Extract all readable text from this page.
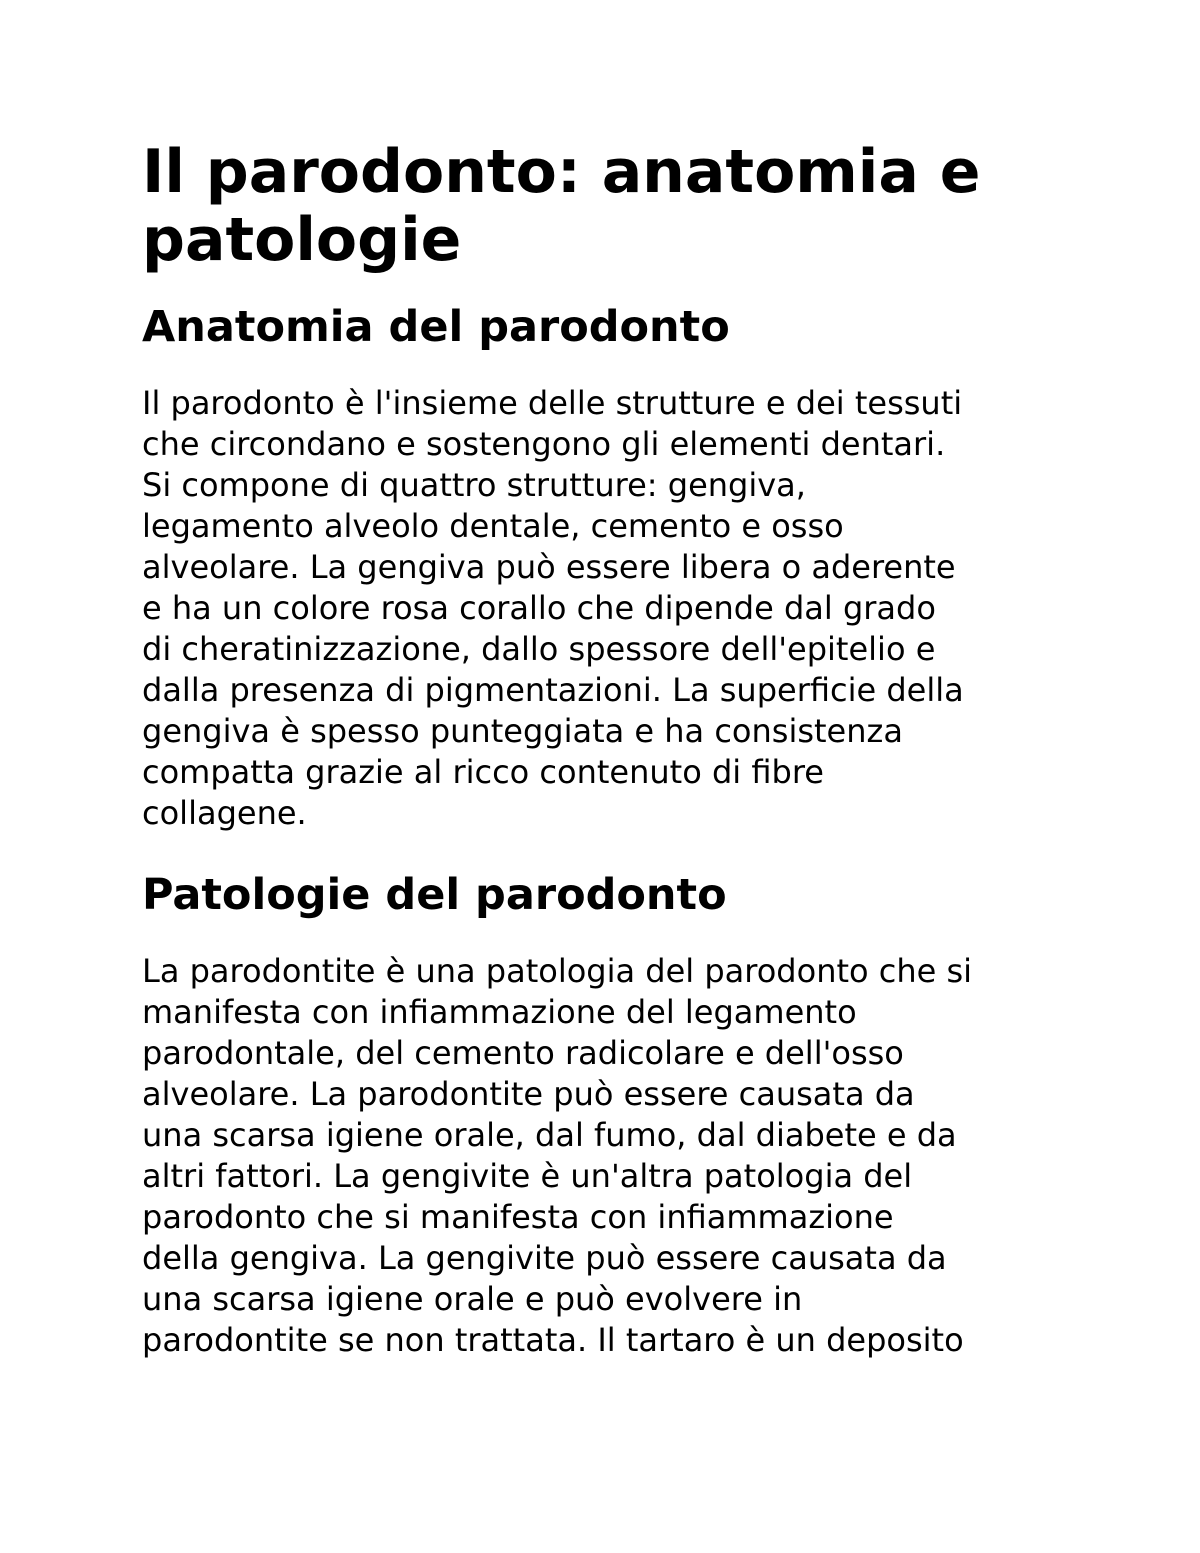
Il parodonto: anatomia e
patologie
Anatomia del parodonto

Il parodonto è l'insieme delle strutture e dei tessuti
che circondano e sostengono gli elementi dentari.
Si compone di quattro strutture: gengiva,
legamento alveolo dentale, cemento e osso
alveolare. La gengiva può essere libera o aderente
e ha un colore rosa corallo che dipende dal grado
di cheratinizzazione, dallo spessore dell'epitelio e
dalla presenza di pigmentazioni. La superficie della
gengiva è spesso punteggiata e ha consistenza
compatta grazie al ricco contenuto di fibre
collagene.

Patologie del parodonto

La parodontite è una patologia del parodonto che si
manifesta con infiammazione del legamento
parodontale, del cemento radicolare e dell'osso
alveolare. La parodontite può essere causata da
una scarsa igiene orale, dal fumo, dal diabete e da
altri fattori. La gengivite è un'altra patologia del
parodonto che si manifesta con infiammazione
della gengiva. La gengivite può essere causata da
una scarsa igiene orale e può evolvere in
parodontite se non trattata. Il tartaro è un deposito
